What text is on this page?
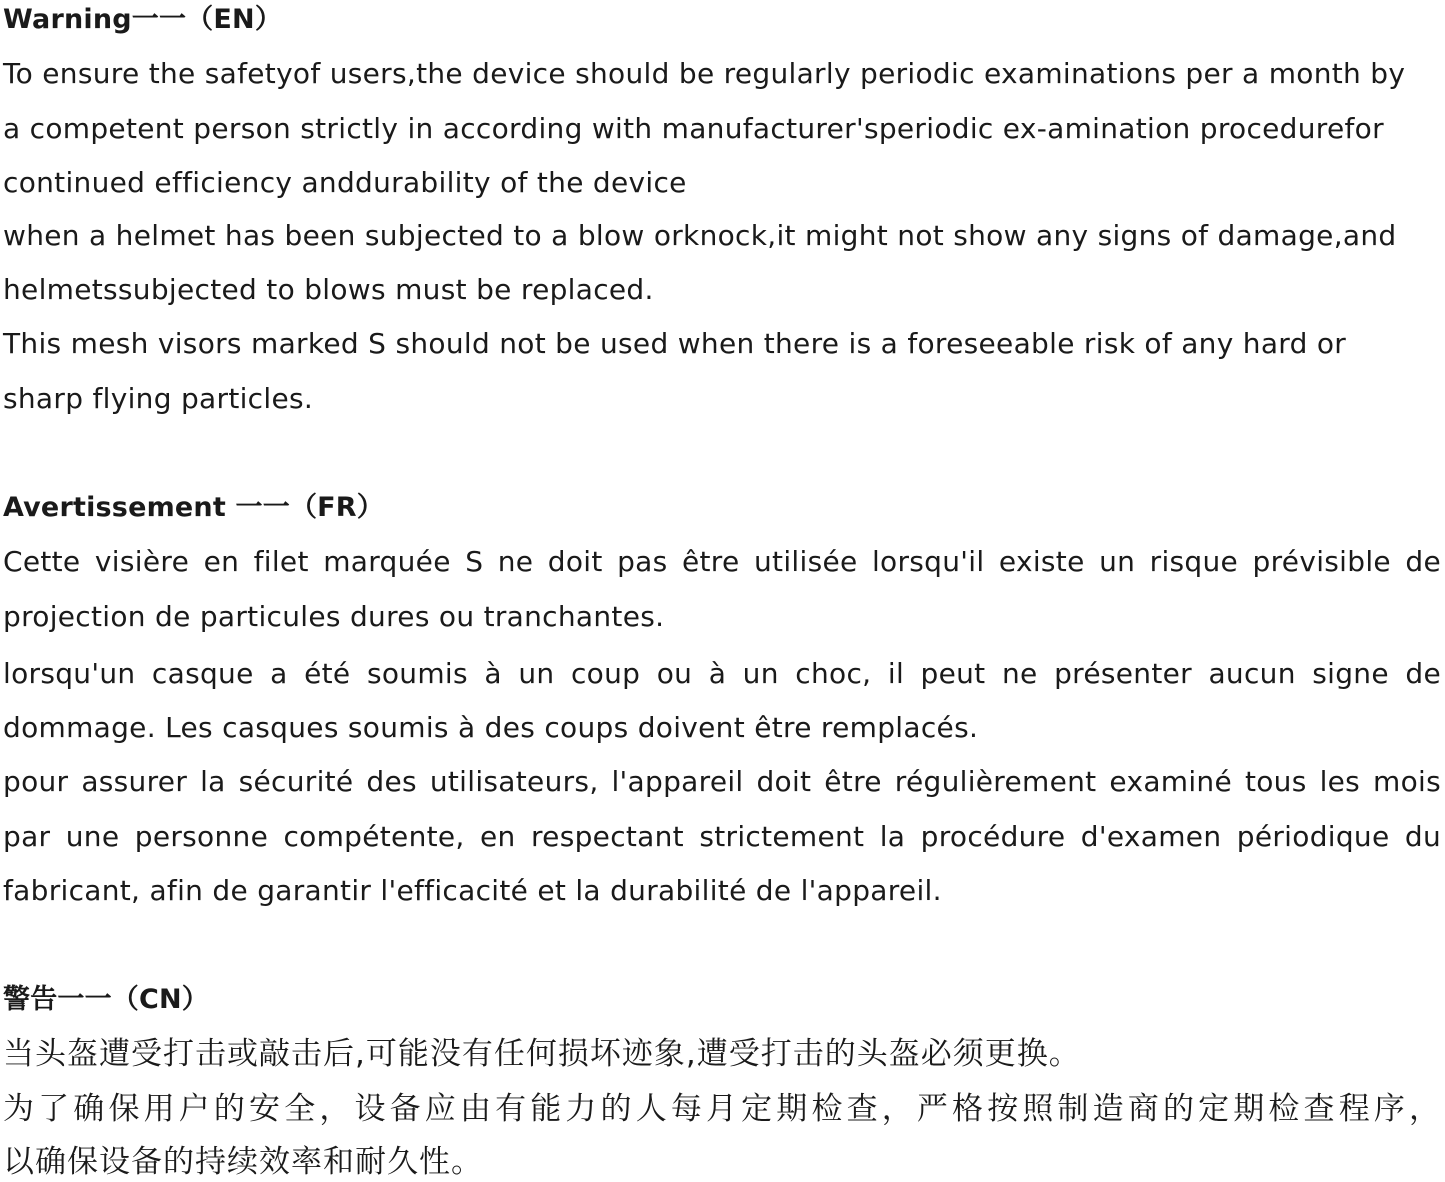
Warning一一（EN）
To ensure the safetyof users,the device should be regularly periodic examinations per a month by
a competent person strictly in according with manufacturer'speriodic ex-amination procedurefor
continued efficiency anddurability of the device
when a helmet has been subjected to a blow orknock,it might not show any signs of damage,and
helmetssubjected to blows must be replaced.
This mesh visors marked S should not be used when there is a foreseeable risk of any hard or
sharp flying particles.
Avertissement 一一（FR）
Cette visière en filet marquée S ne doit pas être utilisée lorsqu'il existe un risque prévisible de
projection de particules dures ou tranchantes.
lorsqu'un casque a été soumis à un coup ou à un choc, il peut ne présenter aucun signe de
dommage. Les casques soumis à des coups doivent être remplacés.
pour assurer la sécurité des utilisateurs, l'appareil doit être régulièrement examiné tous les mois
par une personne compétente, en respectant strictement la procédure d'examen périodique du
fabricant, afin de garantir l'efficacité et la durabilité de l'appareil.
警告一一（CN）
当头盔遭受打击或敲击后,可能没有任何损坏迹象,遭受打击的头盔必须更换。
为了确保用户的安全，设备应由有能力的人每月定期检查，严格按照制造商的定期检查程序，
以确保设备的持续效率和耐久性。
